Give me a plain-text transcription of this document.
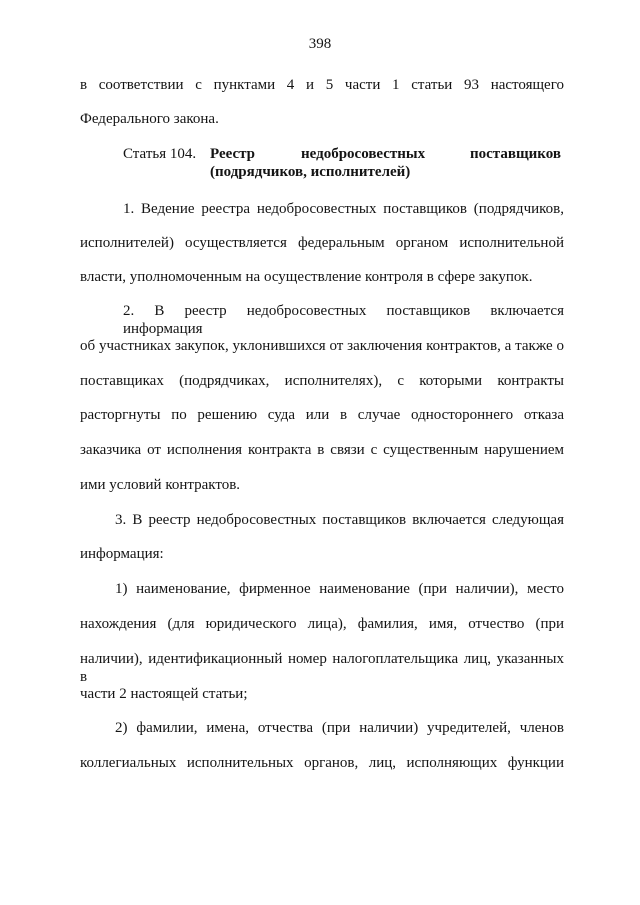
398
в соответствии с пунктами 4 и 5 части 1 статьи 93 настоящего
Федерального закона.
Статья 104. Реестр	недобросовестных	поставщиков
(подрядчиков, исполнителей)
1. Ведение реестра недобросовестных поставщиков (подрядчиков,
исполнителей) осуществляется федеральным органом исполнительной
власти, уполномоченным на осуществление контроля в сфере закупок.
2. В реестр недобросовестных поставщиков включается информация
об участниках закупок, уклонившихся от заключения контрактов, а также о
поставщиках (подрядчиках, исполнителях), с которыми контракты
расторгнуты по решению суда или в случае одностороннего отказа
заказчика от исполнения контракта в связи с существенным нарушением
ими условий контрактов.
3. В реестр недобросовестных поставщиков включается следующая
информация:
1) наименование, фирменное наименование (при наличии), место
нахождения (для юридического лица), фамилия, имя, отчество (при
наличии), идентификационный номер налогоплательщика лиц, указанных в
части 2 настоящей статьи;
2) фамилии, имена, отчества (при наличии) учредителей, членов
коллегиальных исполнительных органов, лиц, исполняющих функции
